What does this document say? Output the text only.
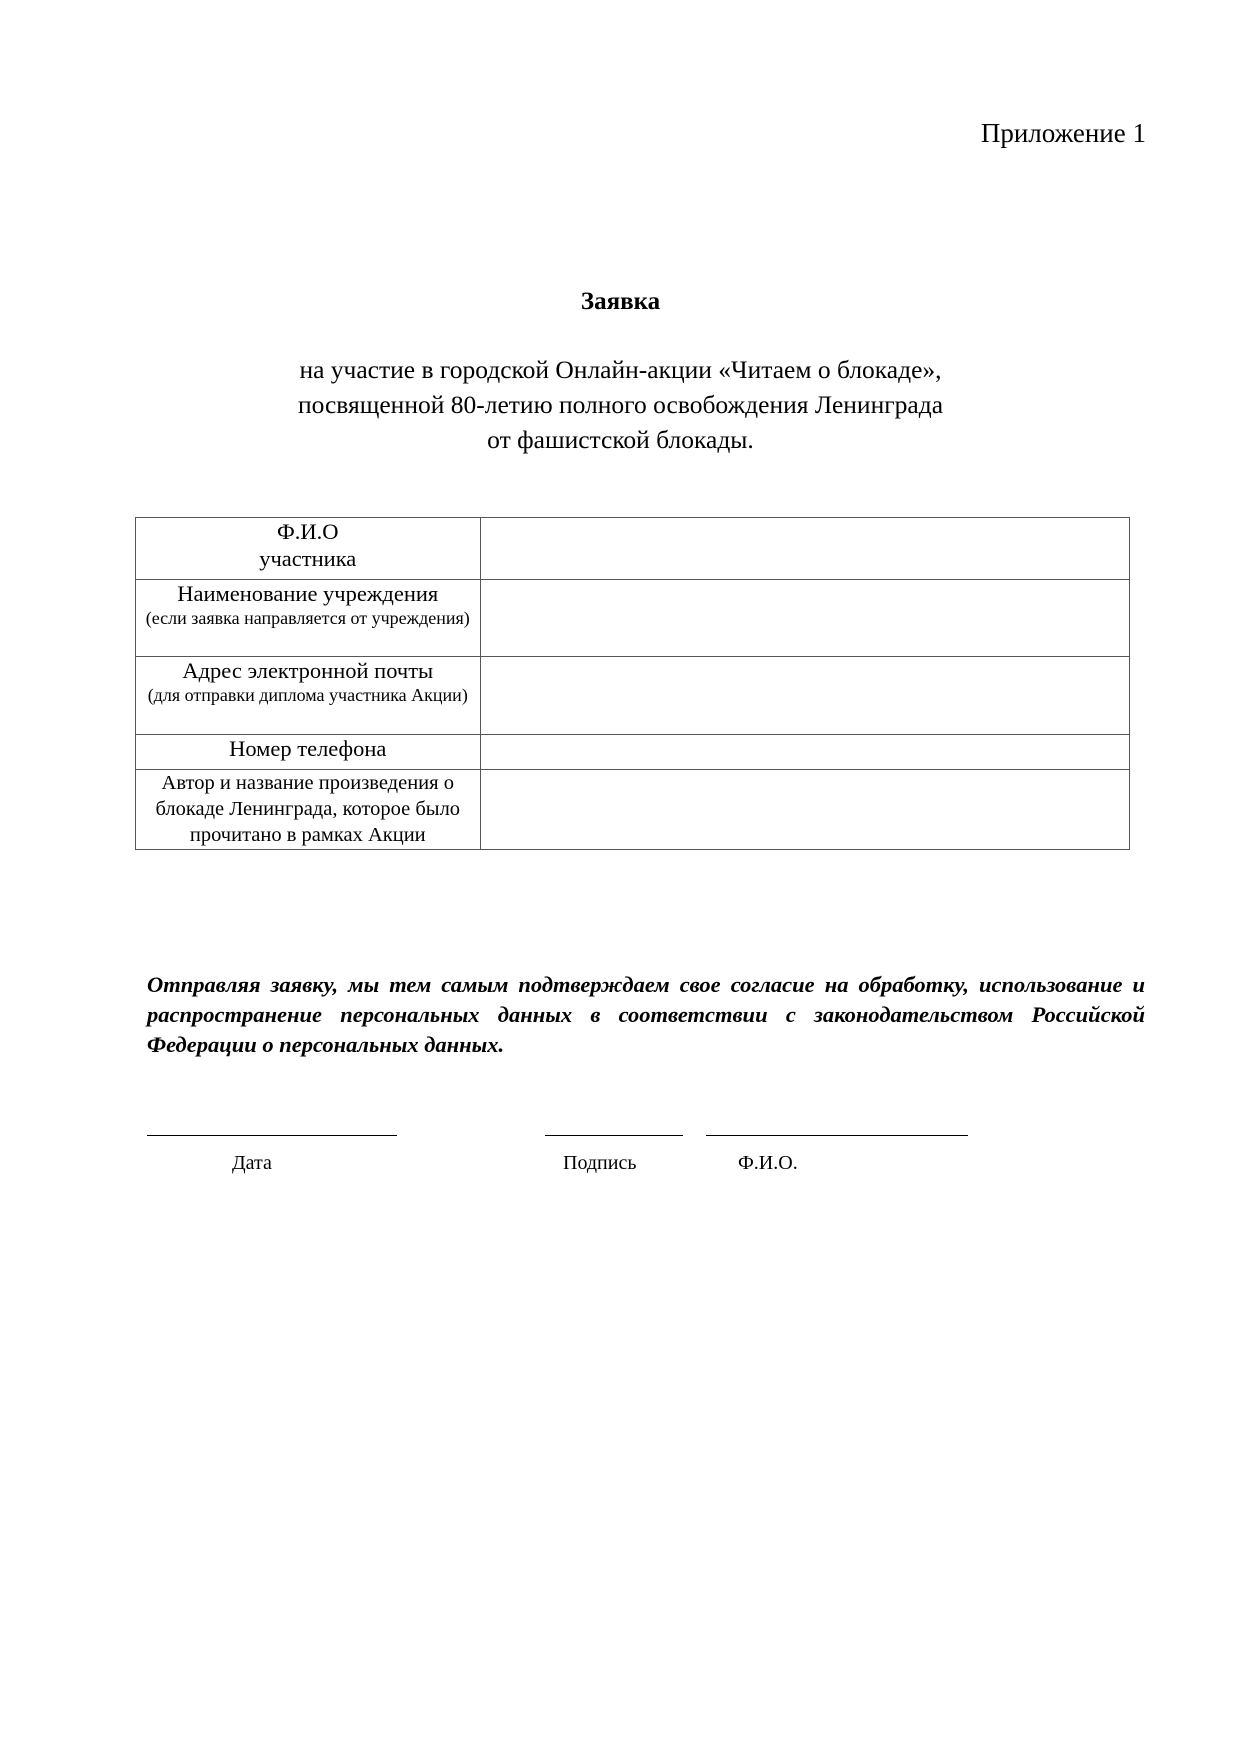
Приложение 1
Заявка
на участие в городской Онлайн-акции «Читаем о блокаде»,
посвященной 80-летию полного освобождения Ленинграда
от фашистской блокады.
Ф.И.О
участника	

Наименование учреждения
(если заявка направляется от учреждения)	

Адрес электронной почты
(для отправки диплома участника Акции)	

Номер телефона	

Автор и название произведения о блокаде Ленинграда, которое было прочитано в рамках Акции	

Отправляя заявку, мы тем самым подтверждаем свое согласие на обработку, использование и распространение персональных данных в соответствии с законодательством Российской Федерации о персональных данных.
Дата	Подпись	Ф.И.О.
